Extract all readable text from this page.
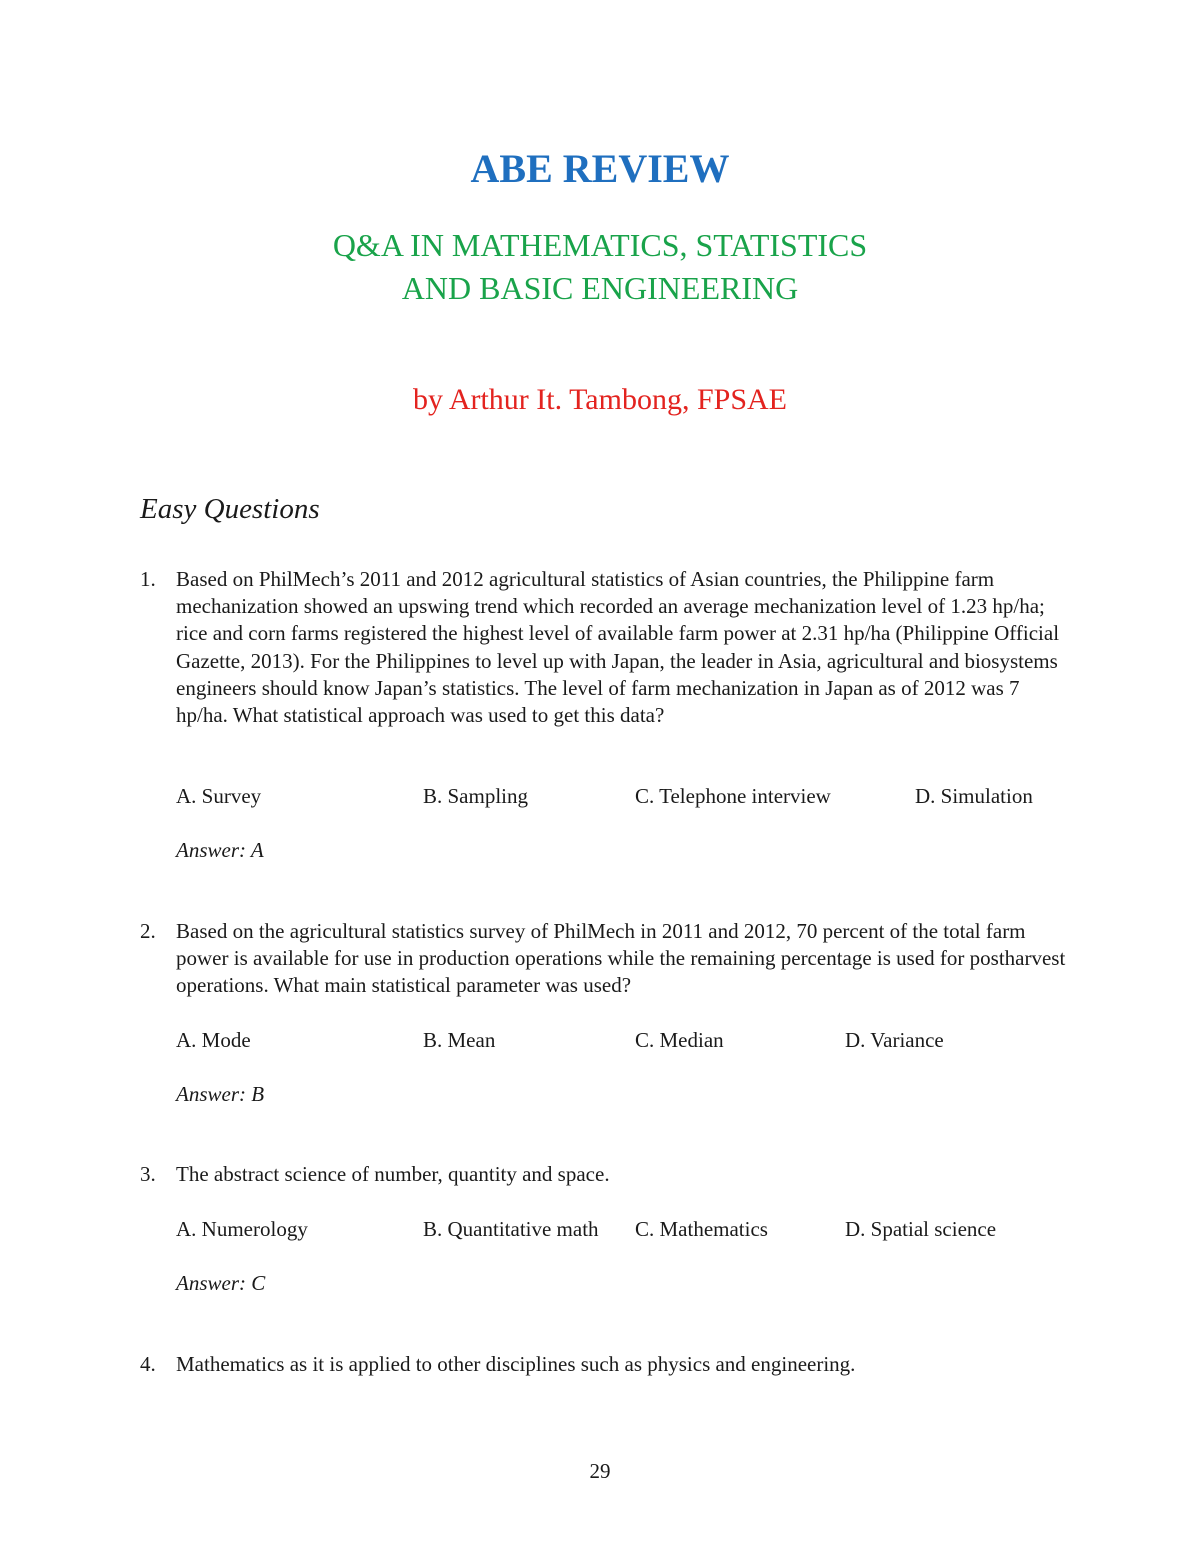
ABE REVIEW
Q&A IN MATHEMATICS, STATISTICS
AND BASIC ENGINEERING
by Arthur It. Tambong, FPSAE
Easy Questions
1. Based on PhilMech’s 2011 and 2012 agricultural statistics of Asian countries, the Philippine farm mechanization showed an upswing trend which recorded an average mechanization level of 1.23 hp/ha; rice and corn farms registered the highest level of available farm power at 2.31 hp/ha (Philippine Official Gazette, 2013). For the Philippines to level up with Japan, the leader in Asia, agricultural and biosystems engineers should know Japan’s statistics. The level of farm mechanization in Japan as of 2012 was 7 hp/ha. What statistical approach was used to get this data?
A. Survey	B. Sampling	C. Telephone interview	D. Simulation
Answer: A
2. Based on the agricultural statistics survey of PhilMech in 2011 and 2012, 70 percent of the total farm power is available for use in production operations while the remaining percentage is used for postharvest operations. What main statistical parameter was used?
A. Mode	B. Mean	C. Median	D. Variance
Answer: B
3. The abstract science of number, quantity and space.
A. Numerology	B. Quantitative math C. Mathematics	D. Spatial science
Answer: C
4. Mathematics as it is applied to other disciplines such as physics and engineering.
29
